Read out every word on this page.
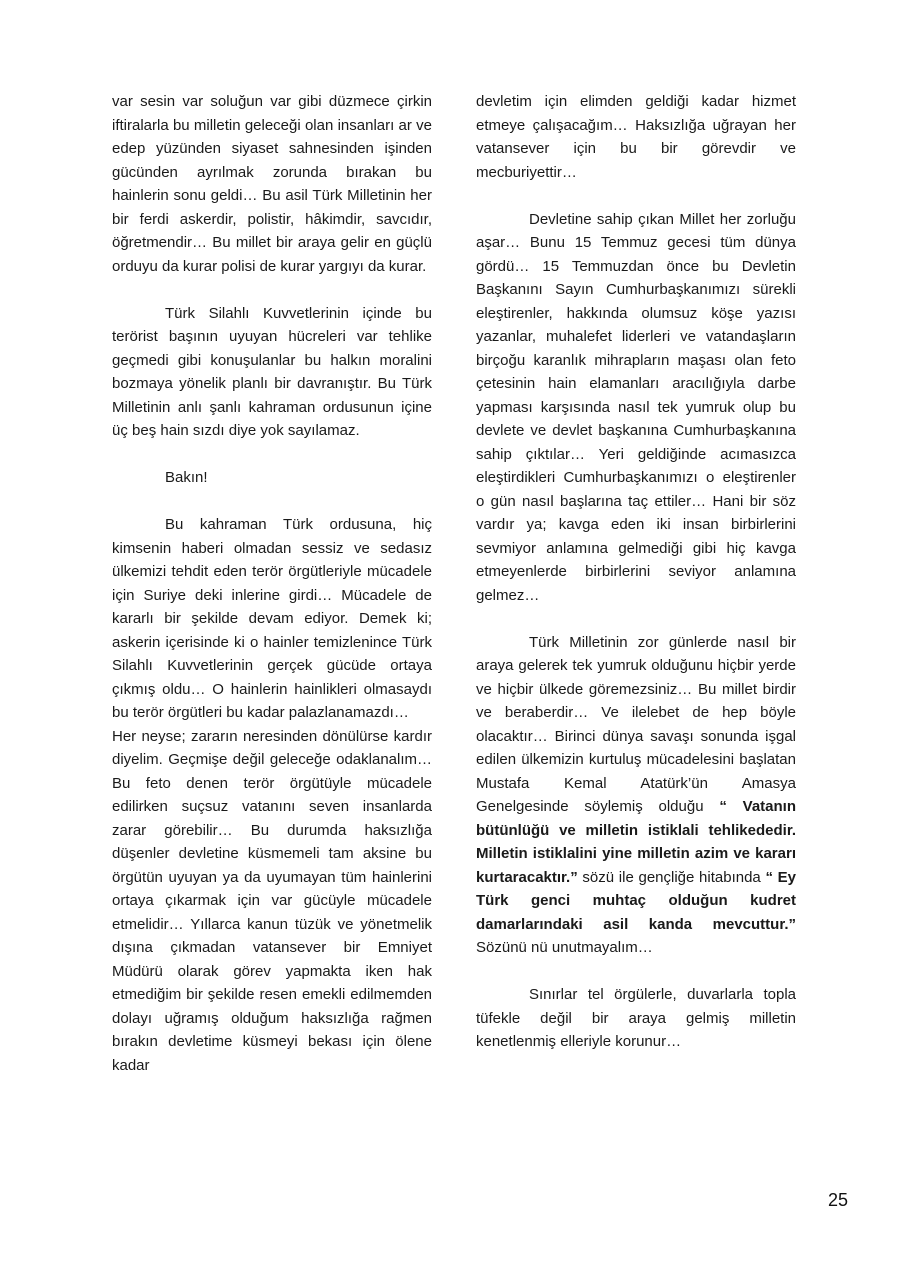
var sesin var soluğun var gibi düzmece çirkin iftiralarla bu milletin geleceği olan insanları ar ve edep yüzünden siyaset sahnesinden işinden gücünden ayrılmak zorunda bırakan bu hainlerin sonu geldi… Bu asil Türk Milletinin her bir ferdi askerdir, polistir, hâkimdir, savcıdır, öğretmendir… Bu millet bir araya gelir en güçlü orduyu da kurar polisi de kurar yargıyı da kurar.

Türk Silahlı Kuvvetlerinin içinde bu terörist başının uyuyan hücreleri var tehlike geçmedi gibi konuşulanlar bu halkın moralini bozmaya yönelik planlı bir davranıştır. Bu Türk Milletinin anlı şanlı kahraman ordusunun içine üç beş hain sızdı diye yok sayılamaz.

Bakın!

Bu kahraman Türk ordusuna, hiç kimsenin haberi olmadan sessiz ve sedasız ülkemizi tehdit eden terör örgütleriyle mücadele için Suriye deki inlerine girdi… Mücadele de kararlı bir şekilde devam ediyor. Demek ki; askerin içerisinde ki o hainler temizlenince Türk Silahlı Kuvvetlerinin gerçek gücüde ortaya çıkmış oldu… O hainlerin hainlikleri olmasaydı bu terör örgütleri bu kadar palazlanamazdı…

Her neyse; zararın neresinden dönülürse kardır diyelim. Geçmişe değil geleceğe odaklanalım… Bu feto denen terör örgütüyle mücadele edilirken suçsuz vatanını seven insanlarda zarar görebilir… Bu durumda haksızlığa düşenler devletine küsmemeli tam aksine bu örgütün uyuyan ya da uyumayan tüm hainlerini ortaya çıkarmak için var gücüyle mücadele etmelidir… Yıllarca kanun tüzük ve yönetmelik dışına çıkmadan vatansever bir Emniyet Müdürü olarak görev yapmakta iken hak etmediğim bir şekilde resen emekli edilmemden dolayı uğramış olduğum haksızlığa rağmen bırakın devletime küsmeyi bekası için ölene kadar

devletim için elimden geldiği kadar hizmet etmeye çalışacağım… Haksızlığa uğrayan her vatansever için bu bir görevdir ve mecburiyettir…

Devletine sahip çıkan Millet her zorluğu aşar… Bunu 15 Temmuz gecesi tüm dünya gördü… 15 Temmuzdan önce bu Devletin Başkanını Sayın Cumhurbaşkanımızı sürekli eleştirenler, hakkında olumsuz köşe yazısı yazanlar, muhalefet liderleri ve vatandaşların birçoğu karanlık mihrapların maşası olan feto çetesinin hain elamanları aracılığıyla darbe yapması karşısında nasıl tek yumruk olup bu devlete ve devlet başkanına Cumhurbaşkanına sahip çıktılar… Yeri geldiğinde acımasızca eleştirdikleri Cumhurbaşkanımızı o eleştirenler o gün nasıl başlarına taç ettiler… Hani bir söz vardır ya; kavga eden iki insan birbirlerini sevmiyor anlamına gelmediği gibi hiç kavga etmeyenlerde birbirlerini seviyor anlamına gelmez…

Türk Milletinin zor günlerde nasıl bir araya gelerek tek yumruk olduğunu hiçbir yerde ve hiçbir ülkede göremezsiniz… Bu millet birdir ve beraberdir… Ve ilelebet de hep böyle olacaktır… Birinci dünya savaşı sonunda işgal edilen ülkemizin kurtuluş mücadelesini başlatan Mustafa Kemal Atatürk’ün Amasya Genelgesinde söylemiş olduğu “ Vatanın bütünlüğü ve milletin istiklali tehlikededir. Milletin istiklalini yine milletin azim ve kararı kurtaracaktır.” sözü ile gençliğe hitabında “ Ey Türk genci muhtaç olduğun kudret damarlarındaki asil kanda mevcuttur.” Sözünü nü unutmayalım…

Sınırlar tel örgülerle, duvarlarla topla tüfekle değil bir araya gelmiş milletin kenetlenmiş elleriyle korunur…

25
